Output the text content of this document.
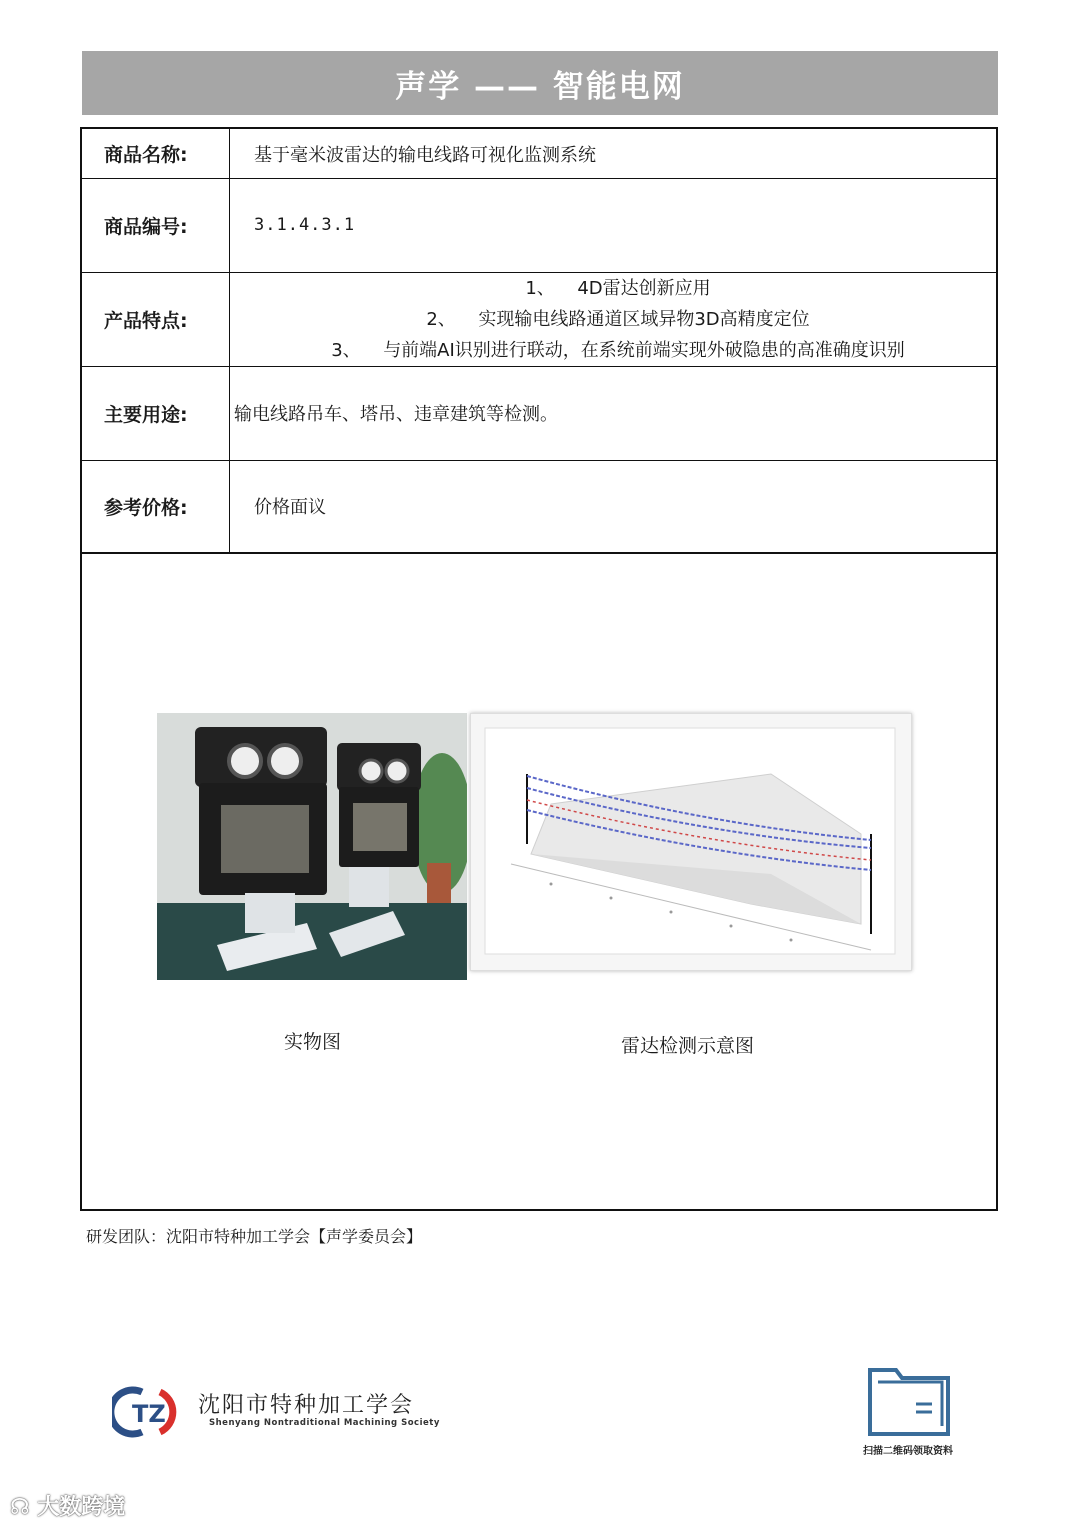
声学 —— 智能电网
商品名称:	基于毫米波雷达的输电线路可视化监测系统
商品编号:	3.1.4.3.1
产品特点:
1、	4D雷达创新应用
2、	实现输电线路通道区域异物3D高精度定位
3、	与前端AI识别进行联动，在系统前端实现外破隐患的高准确度识别
主要用途:	输电线路吊车、塔吊、违章建筑等检测。
参考价格:	价格面议
实物图	雷达检测示意图
研发团队：沈阳市特种加工学会【声学委员会】
TZ 沈阳市特种加工学会
Shenyang Nontraditional Machining Society
扫描二维码领取资料
☊ 大数跨境
